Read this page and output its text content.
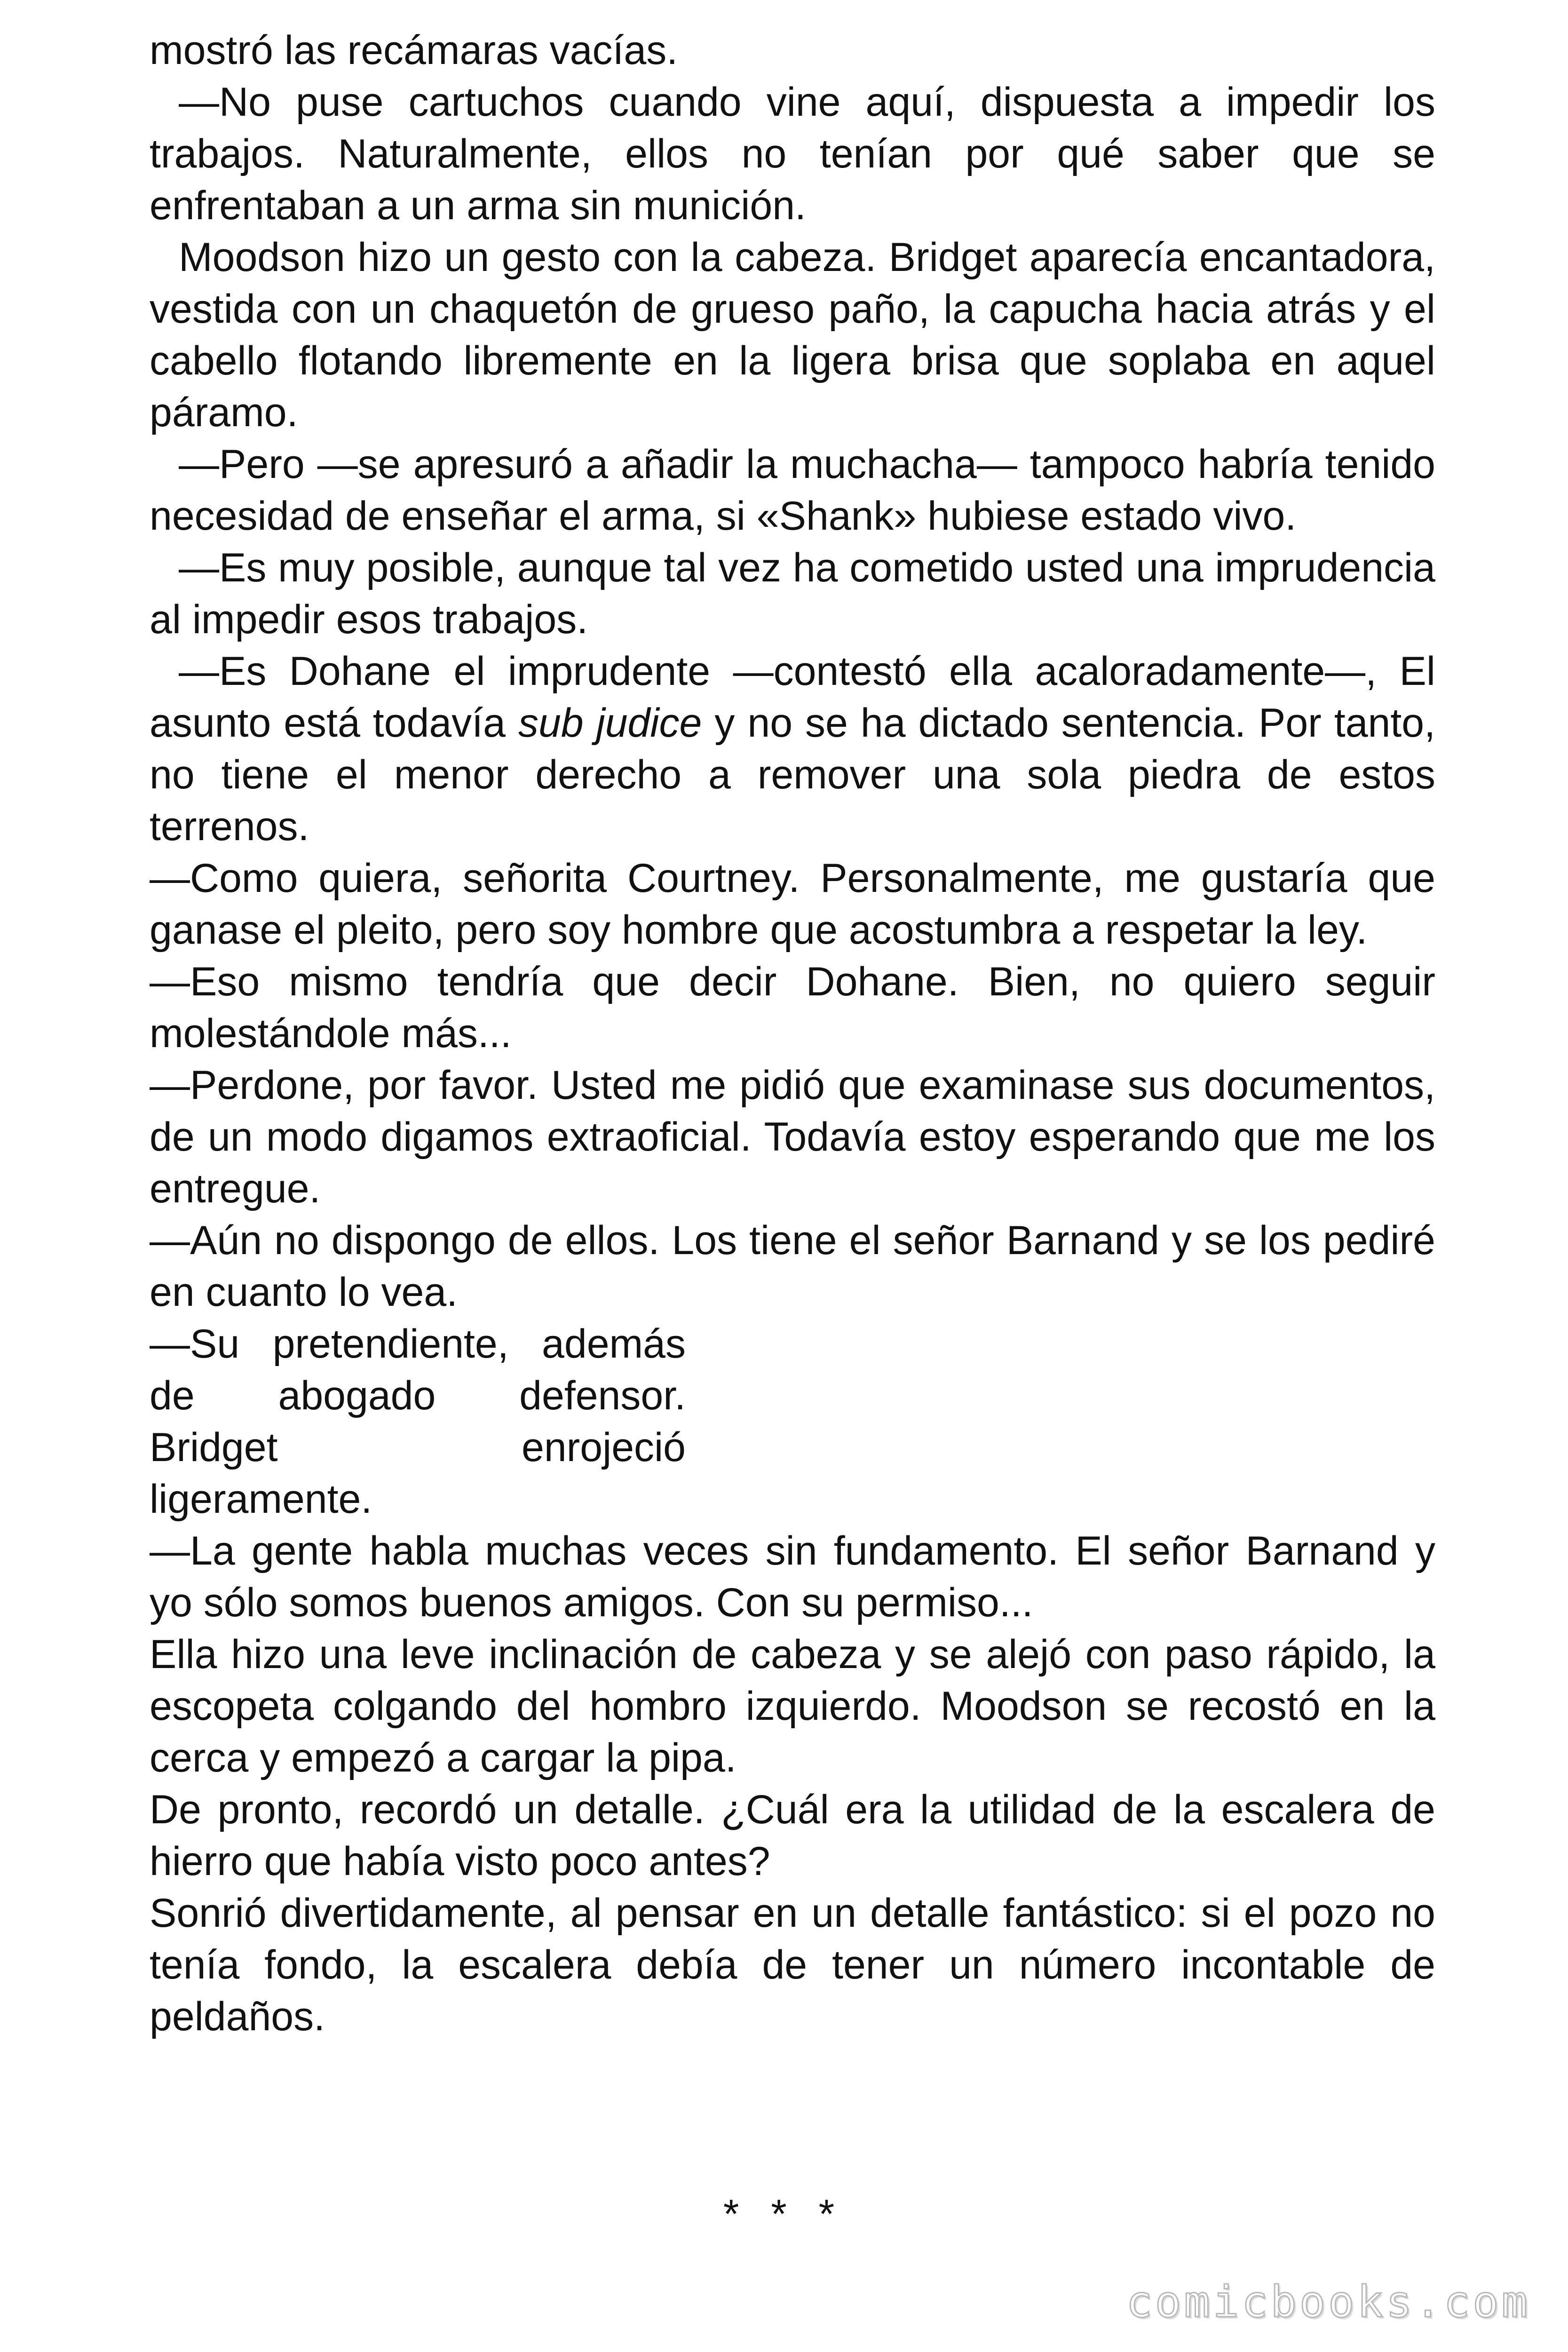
mostró las recámaras vacías.

—No puse cartuchos cuando vine aquí, dispuesta a impedir los trabajos. Naturalmente, ellos no tenían por qué saber que se enfrentaban a un arma sin munición.

Moodson hizo un gesto con la cabeza. Bridget aparecía encantadora, vestida con un chaquetón de grueso paño, la capucha hacia atrás y el cabello flotando libremente en la ligera brisa que soplaba en aquel páramo.

—Pero —se apresuró a añadir la muchacha— tampoco habría tenido necesidad de enseñar el arma, si «Shank» hubiese estado vivo.

—Es muy posible, aunque tal vez ha cometido usted una imprudencia al impedir esos trabajos.

—Es Dohane el imprudente —contestó ella acaloradamente—, El asunto está todavía sub judice y no se ha dictado sentencia. Por tanto, no tiene el menor derecho a remover una sola piedra de estos terrenos.

—Como quiera, señorita Courtney. Personalmente, me gustaría que ganase el pleito, pero soy hombre que acostumbra a respetar la ley.

—Eso mismo tendría que decir Dohane. Bien, no quiero seguir molestándole más...

—Perdone, por favor. Usted me pidió que examinase sus documentos, de un modo digamos extraoficial. Todavía estoy esperando que me los entregue.

—Aún no dispongo de ellos. Los tiene el señor Barnand y se los pediré en cuanto lo vea.

—Su pretendiente, además

de abogado defensor.

Bridget enrojeció

ligeramente.

—La gente habla muchas veces sin fundamento. El señor Barnand y yo sólo somos buenos amigos. Con su permiso...

Ella hizo una leve inclinación de cabeza y se alejó con paso rápido, la escopeta colgando del hombro izquierdo. Moodson se recostó en la cerca y empezó a cargar la pipa.

De pronto, recordó un detalle. ¿Cuál era la utilidad de la escalera de hierro que había visto poco antes?

Sonrió divertidamente, al pensar en un detalle fantástico: si el pozo no tenía fondo, la escalera debía de tener un número incontable de peldaños.

* * *
comicbooks.com
